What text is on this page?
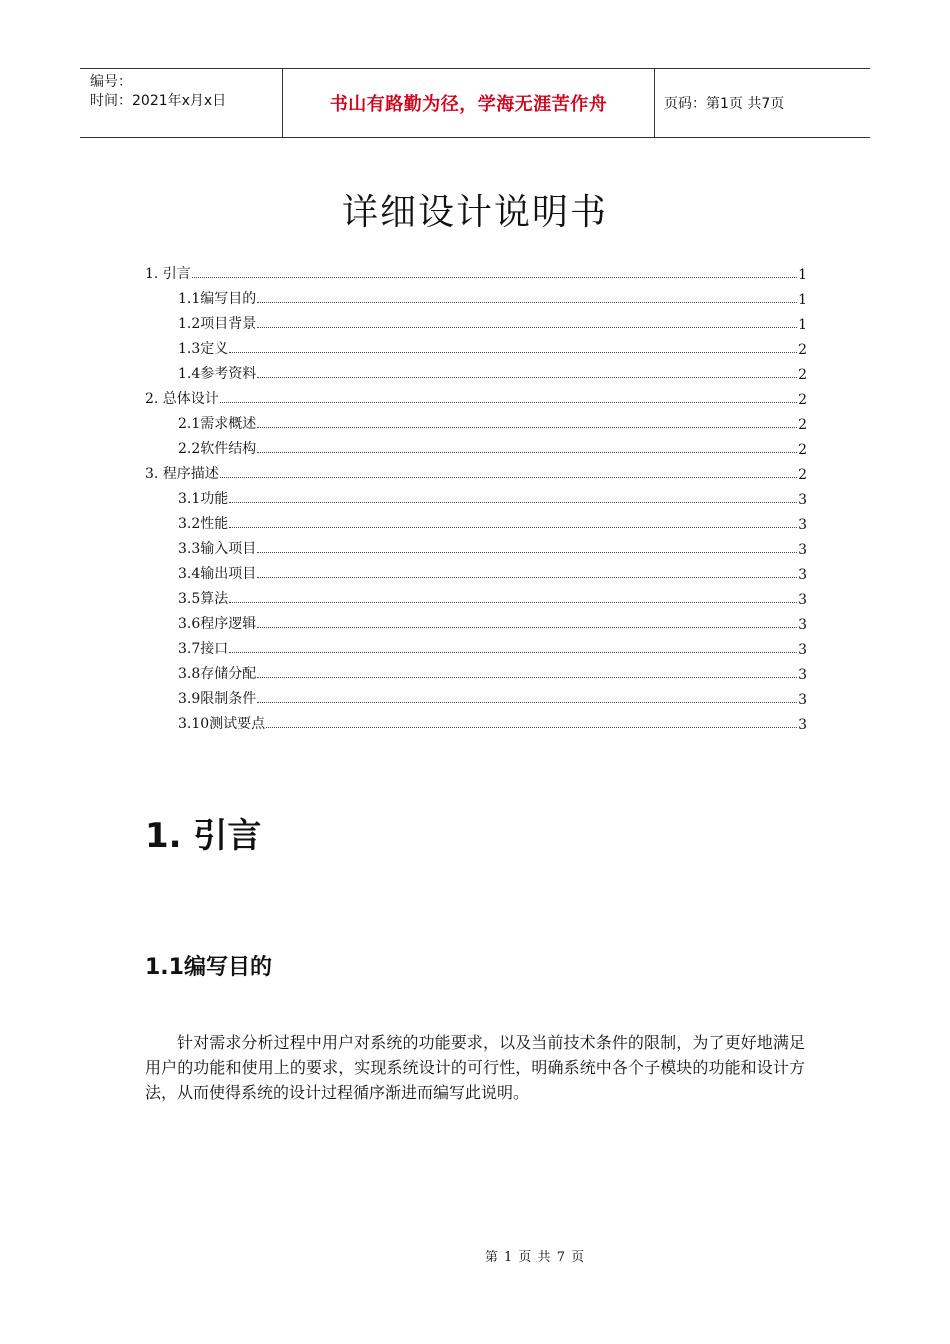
编号：
时间：2021年x月x日	书山有路勤为径，学海无涯苦作舟	页码：第1页 共7页
详细设计说明书
1. 引言	1
1.1编写目的	1
1.2项目背景	1
1.3定义	2
1.4参考资料	2
2. 总体设计	2
2.1需求概述	2
2.2软件结构	2
3. 程序描述	2
3.1功能	3
3.2性能	3
3.3输入项目	3
3.4输出项目	3
3.5算法	3
3.6程序逻辑	3
3.7接口	3
3.8存储分配	3
3.9限制条件	3
3.10测试要点	3
1. 引言
1.1编写目的

针对需求分析过程中用户对系统的功能要求，以及当前技术条件的限制，为了更好地满足用户的功能和使用上的要求，实现系统设计的可行性，明确系统中各个子模块的功能和设计方法，从而使得系统的设计过程循序渐进而编写此说明。

第 1 页 共 7 页
